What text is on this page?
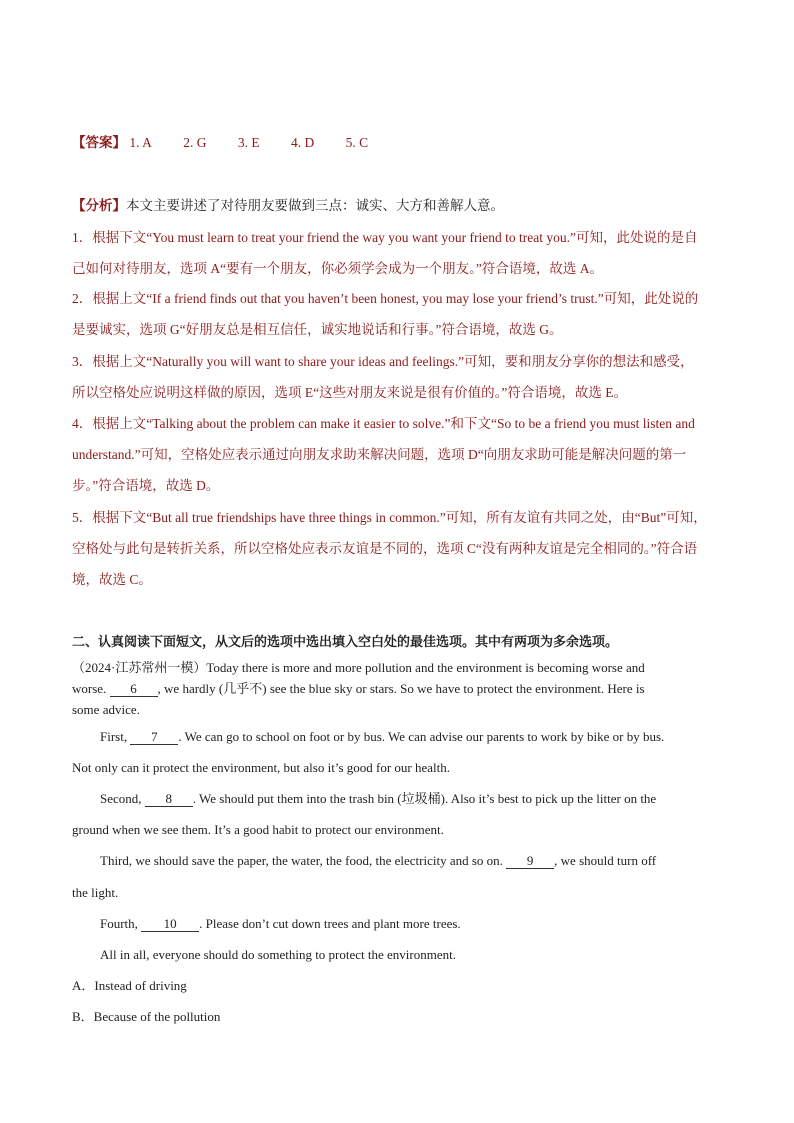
【答案】 1. A 2. G 3. E 4. D 5. C
【分析】本文主要讲述了对待朋友要做到三点：诚实、大方和善解人意。
1．根据下文“You must learn to treat your friend the way you want your friend to treat you.”可知，此处说的是自
己如何对待朋友，选项 A“要有一个朋友，你必须学会成为一个朋友。”符合语境，故选 A。
2．根据上文“If a friend finds out that you haven’t been honest, you may lose your friend’s trust.”可知，此处说的
是要诚实，选项 G“好朋友总是相互信任，诚实地说话和行事。”符合语境，故选 G。
3．根据上文“Naturally you will want to share your ideas and feelings.”可知，要和朋友分享你的想法和感受，
所以空格处应说明这样做的原因，选项 E“这些对朋友来说是很有价值的。”符合语境，故选 E。
4．根据上文“Talking about the problem can make it easier to solve.”和下文“So to be a friend you must listen and
understand.”可知，空格处应表示通过向朋友求助来解决问题，选项 D“向朋友求助可能是解决问题的第一
步。”符合语境，故选 D。
5．根据下文“But all true friendships have three things in common.”可知，所有友谊有共同之处，由“But”可知，
空格处与此句是转折关系，所以空格处应表示友谊是不同的，选项 C“没有两种友谊是完全相同的。”符合语
境，故选 C。
二、认真阅读下面短文，从文后的选项中选出填入空白处的最佳选项。其中有两项为多余选项。
（2024·江苏常州一模）Today there is more and more pollution and the environment is becoming worse and
worse. 6 , we hardly (几乎不) see the blue sky or stars. So we have to protect the environment. Here is
some advice.
First, 7 . We can go to school on foot or by bus. We can advise our parents to work by bike or by bus.
Not only can it protect the environment, but also it’s good for our health.
Second, 8 . We should put them into the trash bin (垃圾桶). Also it’s best to pick up the litter on the
ground when we see them. It’s a good habit to protect our environment.
Third, we should save the paper, the water, the food, the electricity and so on. 9 , we should turn off
the light.
Fourth, 10 . Please don’t cut down trees and plant more trees.
All in all, everyone should do something to protect the environment.
A．Instead of driving
B．Because of the pollution
